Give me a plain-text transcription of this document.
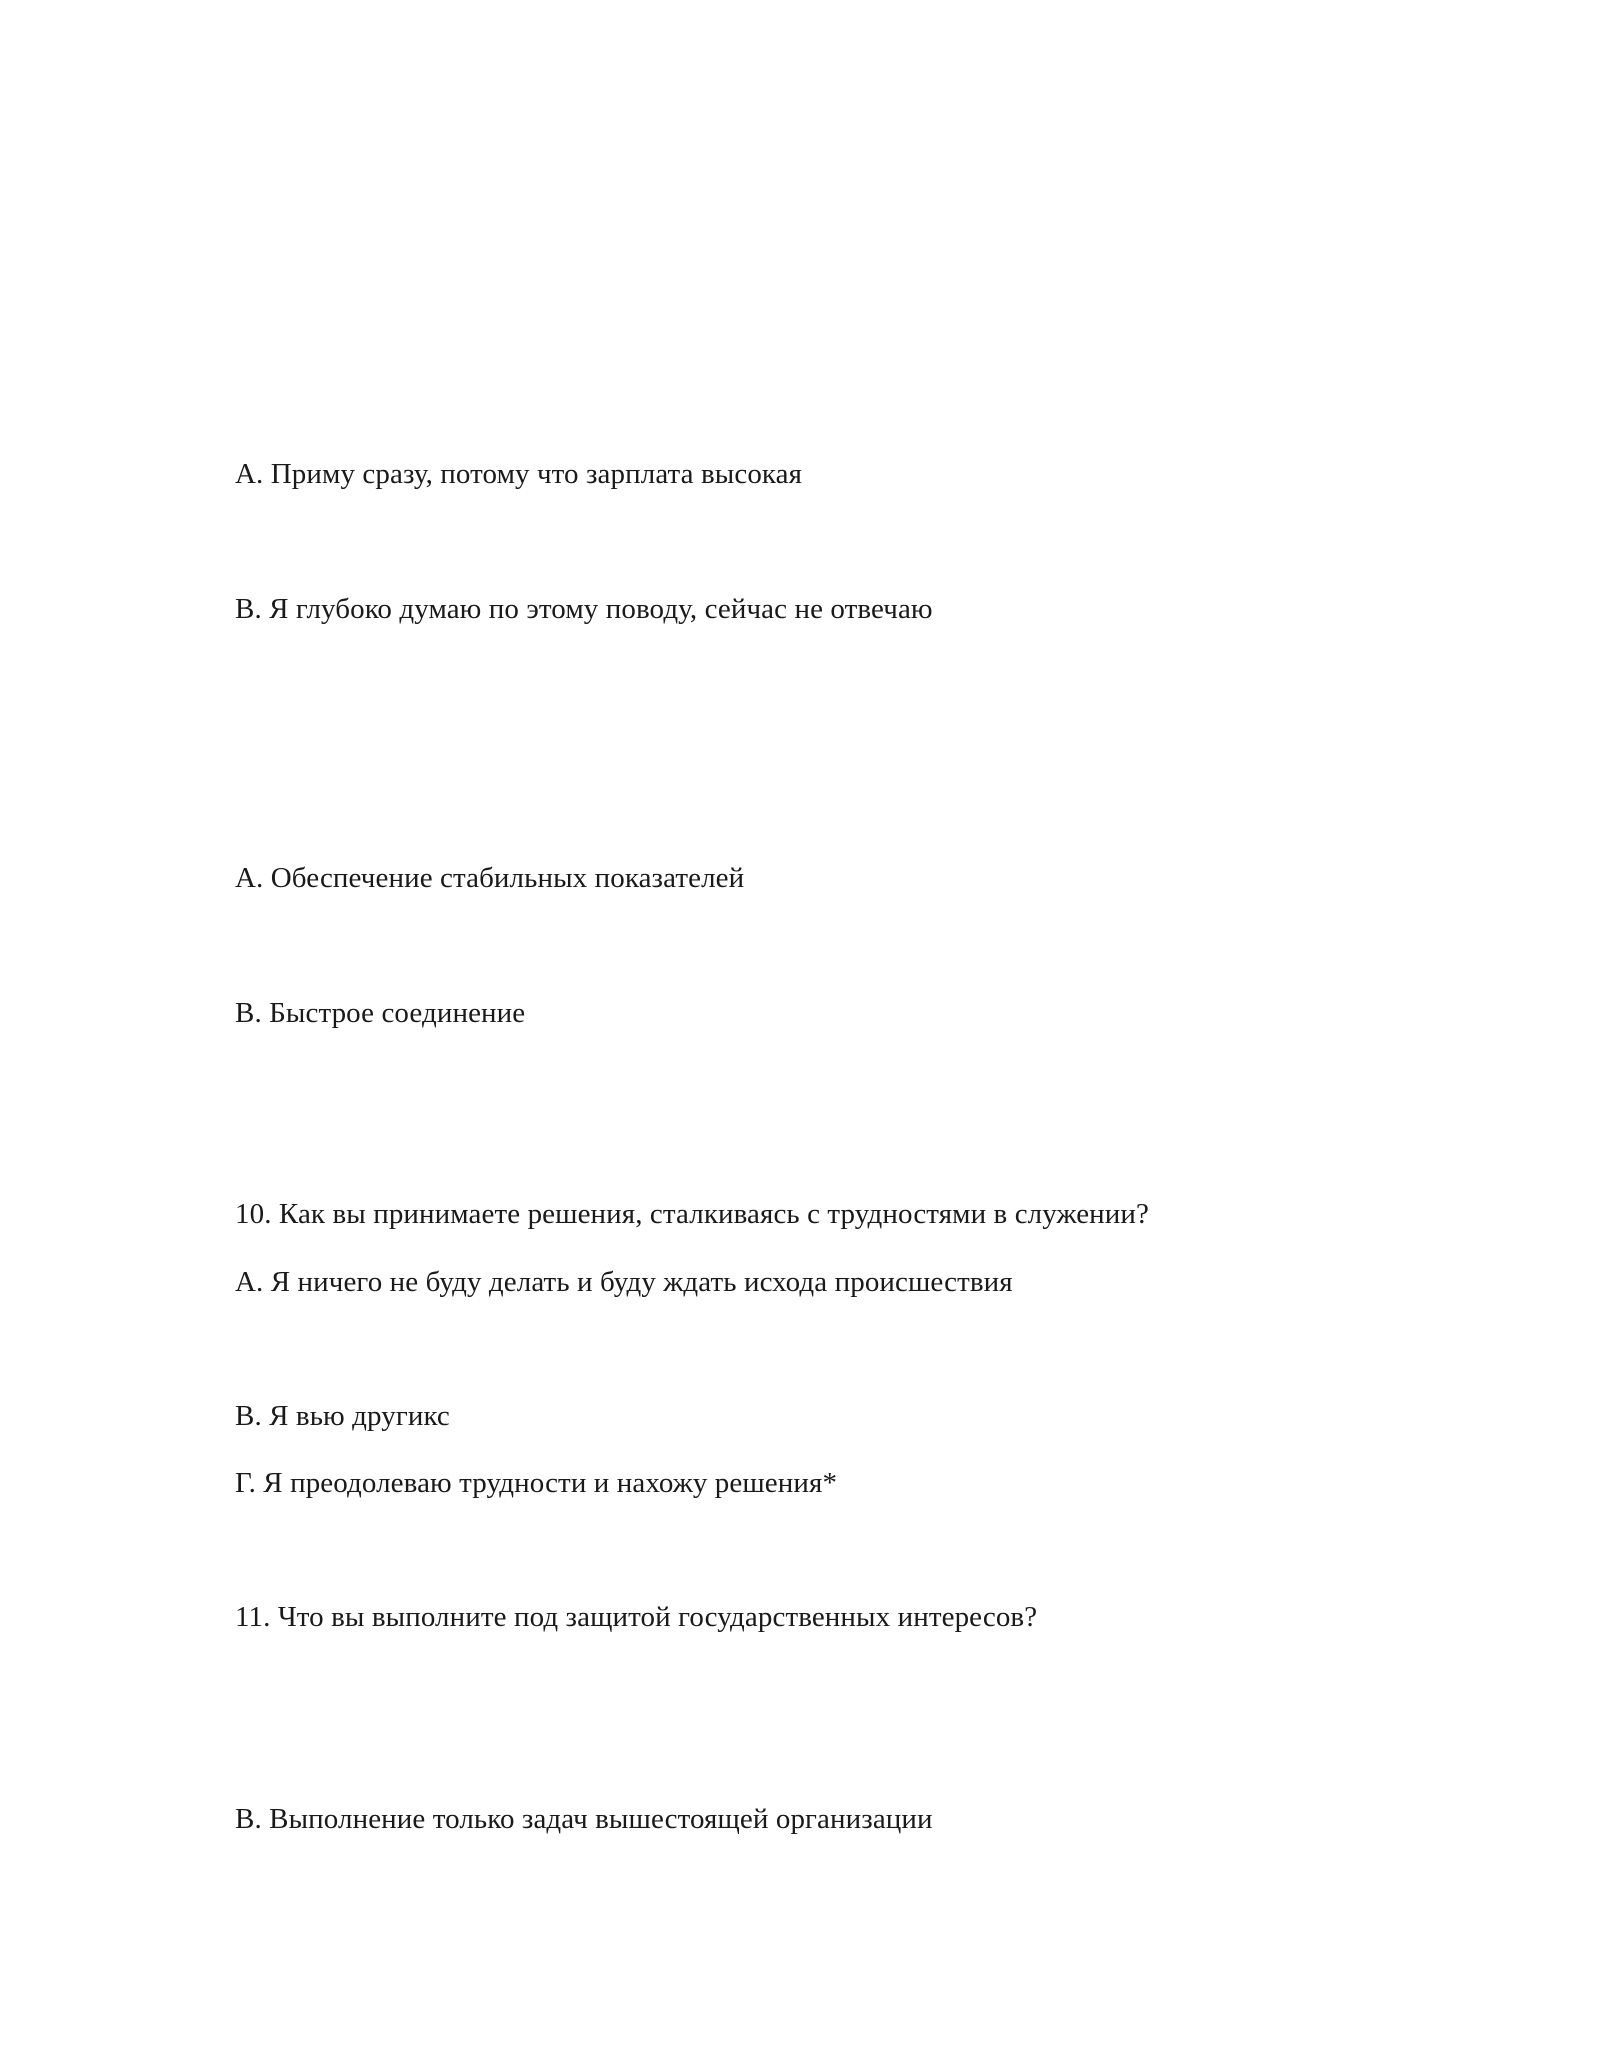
А. Приму сразу, потому что зарплата высокая
В. Я глубоко думаю по этому поводу, сейчас не отвечаю
А. Обеспечение стабильных показателей
В. Быстрое соединение
10. Как вы принимаете решения, сталкиваясь с трудностями в служении?
А. Я ничего не буду делать и буду ждать исхода происшествия
В. Я вью другикс
Г. Я преодолеваю трудности и нахожу решения*
11. Что вы выполните под защитой государственных интересов?
В. Выполнение только задач вышестоящей организации
